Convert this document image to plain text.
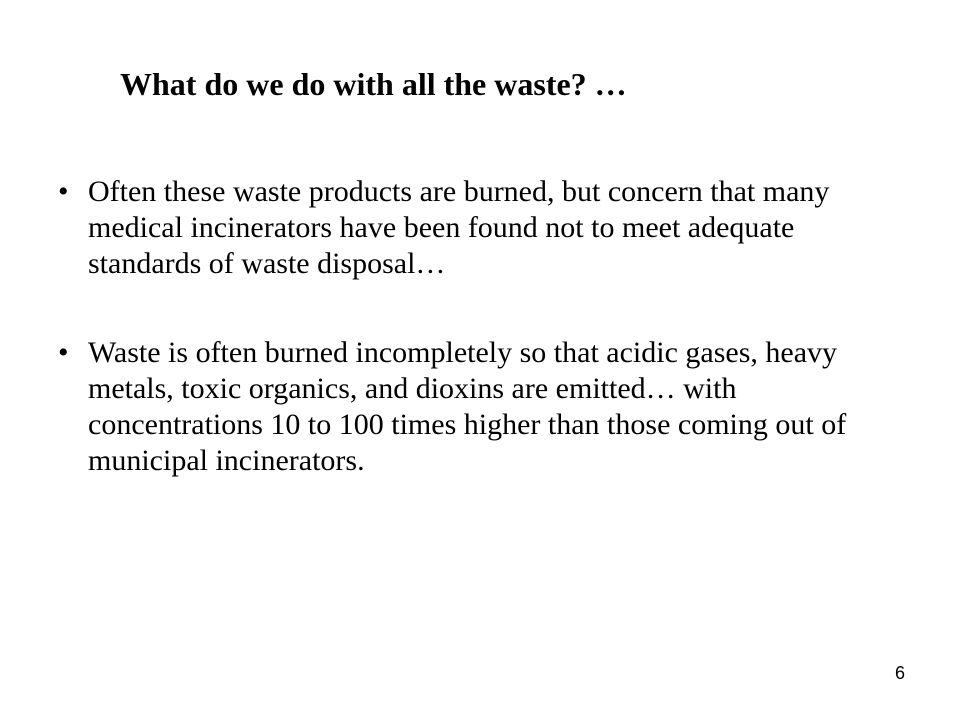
What do we do with all the waste? …
• Often these waste products are burned, but concern that many medical incinerators have been found not to meet adequate standards of waste disposal…
• Waste is often burned incompletely so that acidic gases, heavy metals, toxic organics, and dioxins are emitted… with concentrations 10 to 100 times higher than those coming out of municipal incinerators.
6
